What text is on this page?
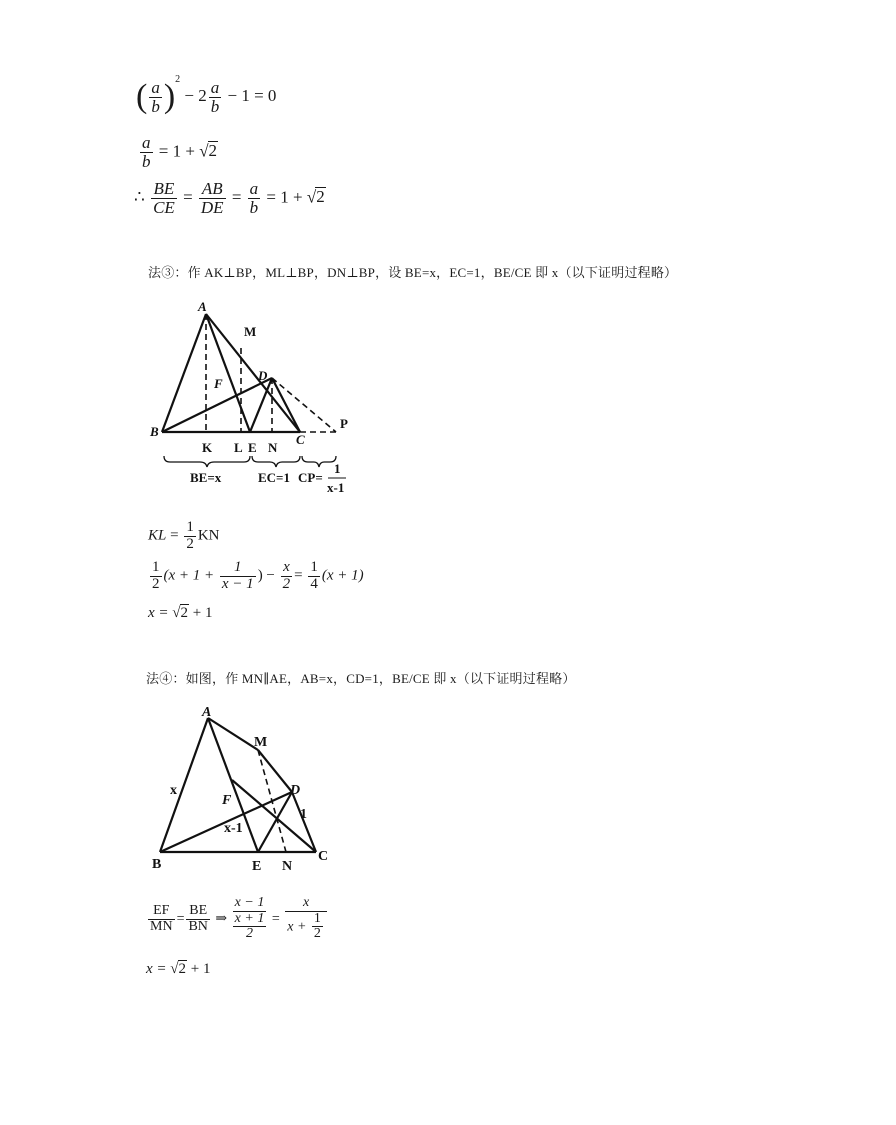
( $\frac{a}{b} )^2 - 2 \frac{a}{b} - 1 = 0$
$\frac{a}{b} = 1 + √2$
∴ $\frac{BE}{CE} = \frac{AB}{DE} = \frac{a}{b} = 1 + √2$
法③：作 AK⊥BP，ML⊥BP，DN⊥BP，设 BE=x，EC=1，BE/CE 即 x（以下证明过程略）
A
M
F
D
P
B
K L E N
C
BE=x	EC=1 CP=
1
x-1
KL = $\frac{1}{2}$ KN
$\frac{1}{2} (x + 1 + \frac{1}{x - 1}$ ) − $\frac{x}{2} = \frac{1}{4} (x + 1)$
x = √2 + 1
法④：如图，作 MN∥AE，AB=x，CD=1，BE/CE 即 x（以下证明过程略）
A
M
F
D
x
x-1
1
B	E N
C
$\frac{EF}{MN} = \frac{BE}{BN}$ ⇒
x − 1
x + 1
2
= $\frac{x}{x + \frac{1}{2}}$
x = √2 + 1
